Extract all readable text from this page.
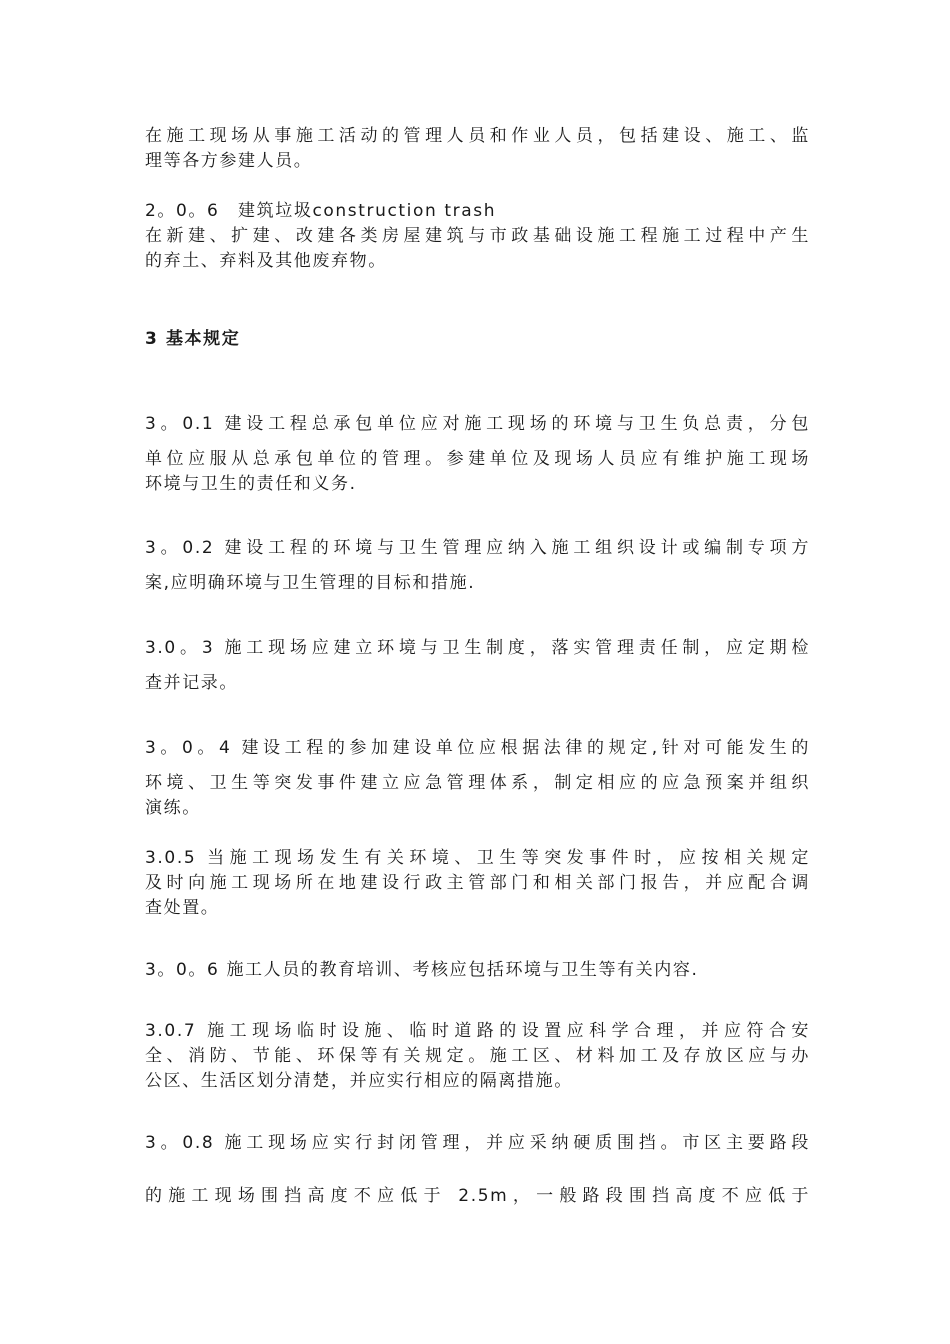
在施工现场从事施工活动的管理人员和作业人员，包括建设、施工、监
理等各方参建人员。
2。0。6　建筑垃圾construction trash
在新建、扩建、改建各类房屋建筑与市政基础设施工程施工过程中产生
的弃土、弃料及其他废弃物。
3 基本规定
3。0.1 建设工程总承包单位应对施工现场的环境与卫生负总责，分包
单位应服从总承包单位的管理。参建单位及现场人员应有维护施工现场
环境与卫生的责任和义务.
3。0.2 建设工程的环境与卫生管理应纳入施工组织设计或编制专项方
案,应明确环境与卫生管理的目标和措施.
3.0。3 施工现场应建立环境与卫生制度，落实管理责任制，应定期检
查并记录。
3。0。4 建设工程的参加建设单位应根据法律的规定,针对可能发生的
环境、卫生等突发事件建立应急管理体系，制定相应的应急预案并组织
演练。
3.0.5 当施工现场发生有关环境、卫生等突发事件时，应按相关规定
及时向施工现场所在地建设行政主管部门和相关部门报告，并应配合调
查处置。
3。0。6 施工人员的教育培训、考核应包括环境与卫生等有关内容.
3.0.7 施工现场临时设施、临时道路的设置应科学合理，并应符合安
全、消防、节能、环保等有关规定。施工区、材料加工及存放区应与办
公区、生活区划分清楚，并应实行相应的隔离措施。
3。0.8 施工现场应实行封闭管理，并应采纳硬质围挡。市区主要路段
的施工现场围挡高度不应低于 2.5m，一般路段围挡高度不应低于
